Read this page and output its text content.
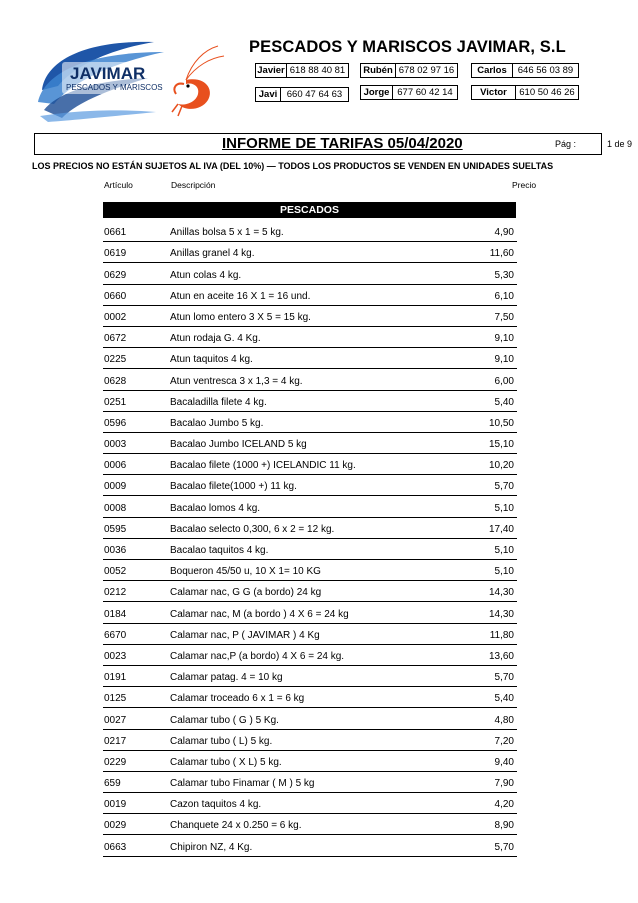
JAVIMAR
PESCADOS Y MARISCOS
PESCADOS Y MARISCOS JAVIMAR, S.L
Javier 618 88 40 81	Rubén 678 02 97 16	Carlos	646 56 03 89
Javi	660 47 64 63	Jorge 677 60 42 14	Victor	610 50 46 26
INFORME DE TARIFAS 05/04/2020	Pág :	1 de 9
LOS PRECIOS NO ESTÁN SUJETOS AL IVA (DEL 10%) — TODOS LOS PRODUCTOS SE VENDEN EN UNIDADES SUELTAS
Artículo	Descripción	Precio
PESCADOS
0661	Anillas bolsa 5 x 1 = 5 kg.	4,90
0619	Anillas granel 4 kg.	11,60
0629	Atun colas 4 kg.	5,30
0660	Atun en aceite 16 X 1 = 16 und.	6,10
0002	Atun lomo entero 3 X 5 = 15 kg.	7,50
0672	Atun rodaja G. 4 Kg.	9,10
0225	Atun taquitos 4 kg.	9,10
0628	Atun ventresca 3 x 1,3 = 4 kg.	6,00
0251	Bacaladilla filete 4 kg.	5,40
0596	Bacalao Jumbo 5 kg.	10,50
0003	Bacalao Jumbo ICELAND 5 kg	15,10
0006	Bacalao filete (1000 +) ICELANDIC 11 kg.	10,20
0009	Bacalao filete(1000 +) 11 kg.	5,70
0008	Bacalao lomos 4 kg.	5,10
0595	Bacalao selecto 0,300, 6 x 2 = 12 kg.	17,40
0036	Bacalao taquitos 4 kg.	5,10
0052	Boqueron 45/50 u, 10 X 1= 10 KG	5,10
0212	Calamar nac, G G (a bordo) 24 kg	14,30
0184	Calamar nac, M (a bordo ) 4 X 6 = 24 kg	14,30
6670	Calamar nac, P ( JAVIMAR ) 4 Kg	11,80
0023	Calamar nac,P (a bordo) 4 X 6 = 24 kg.	13,60
0191	Calamar patag. 4 = 10 kg	5,70
0125	Calamar troceado 6 x 1 = 6 kg	5,40
0027	Calamar tubo ( G ) 5 Kg.	4,80
0217	Calamar tubo ( L) 5 kg.	7,20
0229	Calamar tubo ( X L) 5 kg.	9,40
659	Calamar tubo Finamar ( M ) 5 kg	7,90
0019	Cazon taquitos 4 kg.	4,20
0029	Chanquete 24 x 0.250 = 6 kg.	8,90
0663	Chipiron NZ, 4 Kg.	5,70
